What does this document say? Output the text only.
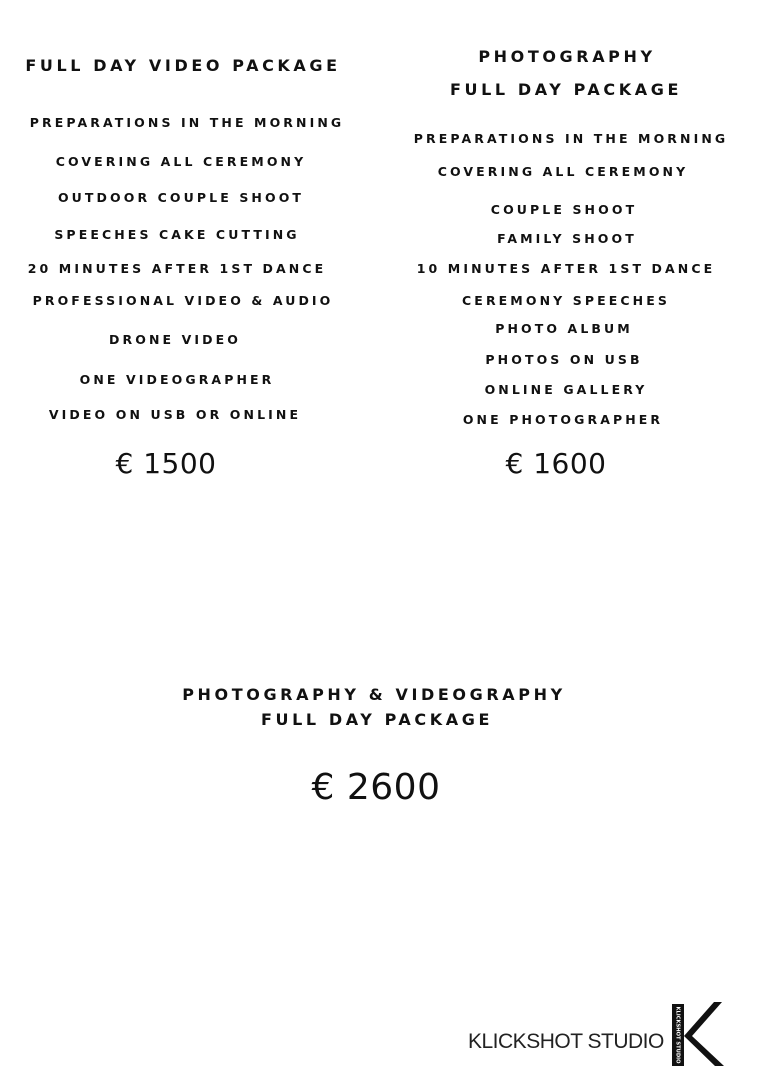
FULL DAY VIDEO PACKAGE
PREPARATIONS IN THE MORNING
COVERING ALL CEREMONY
OUTDOOR COUPLE SHOOT
SPEECHES CAKE CUTTING
20 MINUTES AFTER 1ST DANCE
PROFESSIONAL VIDEO & AUDIO
DRONE VIDEO
ONE VIDEOGRAPHER
VIDEO ON USB OR ONLINE
€ 1500
PHOTOGRAPHY
FULL DAY PACKAGE
PREPARATIONS IN THE MORNING
COVERING ALL CEREMONY
COUPLE SHOOT
FAMILY SHOOT
10 MINUTES AFTER 1ST DANCE
CEREMONY SPEECHES
PHOTO ALBUM
PHOTOS ON USB
ONLINE GALLERY
ONE PHOTOGRAPHER
€ 1600
PHOTOGRAPHY & VIDEOGRAPHY
FULL DAY PACKAGE
€ 2600
KLICKSHOT STUDIO KLICKSHOT STUDIO
